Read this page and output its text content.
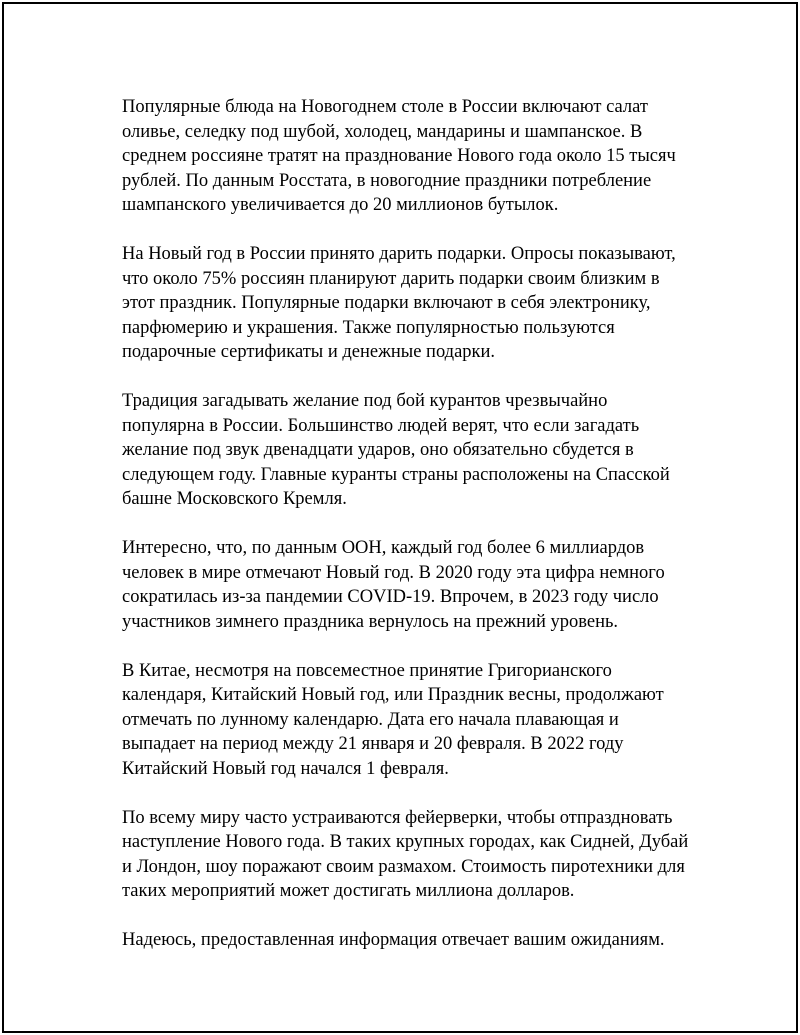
Популярные блюда на Новогоднем столе в России включают салат
оливье, селедку под шубой, холодец, мандарины и шампанское. В
среднем россияне тратят на празднование Нового года около 15 тысяч
рублей. По данным Росстата, в новогодние праздники потребление
шампанского увеличивается до 20 миллионов бутылок.

На Новый год в России принято дарить подарки. Опросы показывают,
что около 75% россиян планируют дарить подарки своим близким в
этот праздник. Популярные подарки включают в себя электронику,
парфюмерию и украшения. Также популярностью пользуются
подарочные сертификаты и денежные подарки.

Традиция загадывать желание под бой курантов чрезвычайно
популярна в России. Большинство людей верят, что если загадать
желание под звук двенадцати ударов, оно обязательно сбудется в
следующем году. Главные куранты страны расположены на Спасской
башне Московского Кремля.

Интересно, что, по данным ООН, каждый год более 6 миллиардов
человек в мире отмечают Новый год. В 2020 году эта цифра немного
сократилась из-за пандемии COVID-19. Впрочем, в 2023 году число
участников зимнего праздника вернулось на прежний уровень.

В Китае, несмотря на повсеместное принятие Григорианского
календаря, Китайский Новый год, или Праздник весны, продолжают
отмечать по лунному календарю. Дата его начала плавающая и
выпадает на период между 21 января и 20 февраля. В 2022 году
Китайский Новый год начался 1 февраля.

По всему миру часто устраиваются фейерверки, чтобы отпраздновать
наступление Нового года. В таких крупных городах, как Сидней, Дубай
и Лондон, шоу поражают своим размахом. Стоимость пиротехники для
таких мероприятий может достигать миллиона долларов.

Надеюсь, предоставленная информация отвечает вашим ожиданиям.
